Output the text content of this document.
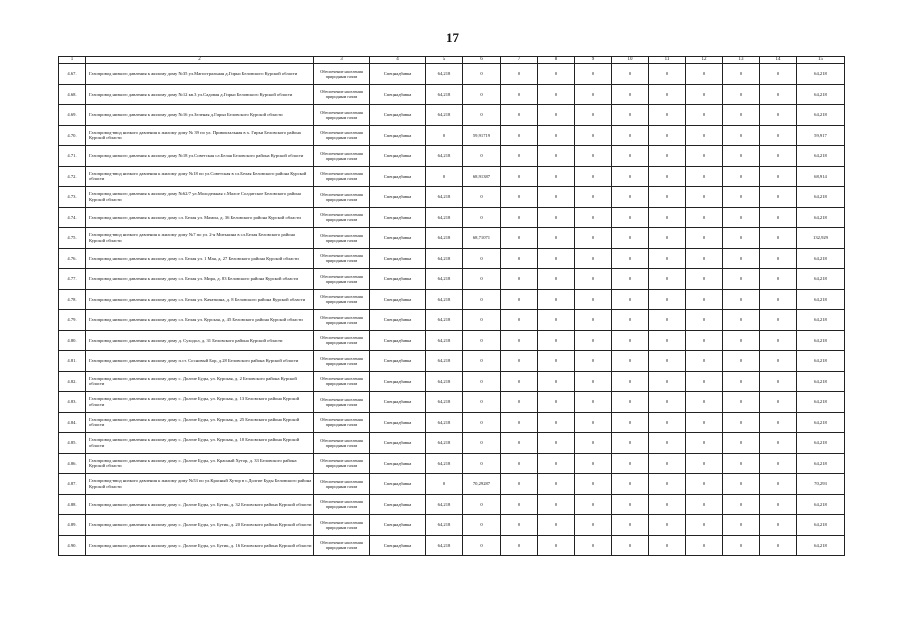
17
1	2	3	4	5	6	7	8	9	10	11	12	13	14	15
4.67.	Газопровод низкого давления к жилому дому №35 ул.Магистральная д.Гирьи Беловского Курской области	Обеспечение населения природным газом	Спецнадбавка	64,218	0	0	0	0	0	0	0	0	0	64,218
4.68.	Газопровод низкого давления к жилому дому №12 кв.3 ул.Садовая д.Гирьи Беловского Курской области	Обеспечение населения природным газом	Спецнадбавка	64,218	0	0	0	0	0	0	0	0	0	64,218
4.69.	Газопровод низкого давления к жилому дому №16 ул.Зеленая д.Гирьи Беловского Курской области	Обеспечение населения природным газом	Спецнадбавка	64,218	0	0	0	0	0	0	0	0	0	64,218
4.70.	Газопровод-ввод низкого давления к жилому дому № 39 по ул. Привокзальная в х. Гирьи Беловского района Курской области	Обеспечение населения природным газом	Спецнадбавка	0	59,91719	0	0	0	0	0	0	0	0	59,917
4.71.	Газопровод низкого давления к жилому дому №18 ул.Советская сл.Белая Беловского района Курской области	Обеспечение населения природным газом	Спецнадбавка	64,218	0	0	0	0	0	0	0	0	0	64,218
4.72.	Газопровод-ввод низкого давления к жилому дому №18 по ул.Советская в сл.Белая Беловского района Курской области	Обеспечение населения природным газом	Спецнадбавка	0	68,91387	0	0	0	0	0	0	0	0	68,914
4.73.	Газопровод низкого давления к жилому дому №62/7 ул.Молодежная с.Малое Солдатское Беловского района Курской области	Обеспечение населения природным газом	Спецнадбавка	64,218	0	0	0	0	0	0	0	0	0	64,218
4.74.	Газопровод низкого давления к жилому дому сл. Белая ул. Мамон, д. 36 Беловского района Курской области	Обеспечение населения природным газом	Спецнадбавка	64,218	0	0	0	0	0	0	0	0	0	64,218
4.75.	Газопровод-ввод низкого давления к жилому дому №7 по ул. 2-я Митькина в сл.Белая Беловского района Курской области	Обеспечение населения природным газом	Спецнадбавка	64,218	68,71071	0	0	0	0	0	0	0	0	132,929
4.76.	Газопровод низкого давления к жилому дому сл. Белая ул. 1 Мая, д. 27 Беловского района Курской области	Обеспечение населения природным газом	Спецнадбавка	64,218	0	0	0	0	0	0	0	0	0	64,218
4.77.	Газопровод низкого давления к жилому дому сл. Белая ул. Мира, д. 83 Беловского района Курской области	Обеспечение населения природным газом	Спецнадбавка	64,218	0	0	0	0	0	0	0	0	0	64,218
4.78.	Газопровод низкого давления к жилому дому сл. Белая ул. Качаткина, д. 8 Беловского района Курской области	Обеспечение населения природным газом	Спецнадбавка	64,218	0	0	0	0	0	0	0	0	0	64,218
4.79.	Газопровод низкого давления к жилому дому сл. Белая ул. Курская, д. 45 Беловского района Курской области	Обеспечение населения природным газом	Спецнадбавка	64,218	0	0	0	0	0	0	0	0	0	64,218
4.80.	Газопровод низкого давления к жилому дому д. Суходол, д. 31 Беловского района Курской области	Обеспечение населения природным газом	Спецнадбавка	64,218	0	0	0	0	0	0	0	0	0	64,218
4.81.	Газопровод низкого давления к жилому дому п.ст. Сосновый Бор, д.28 Беловского района Курской области	Обеспечение населения природным газом	Спецнадбавка	64,218	0	0	0	0	0	0	0	0	0	64,218
4.82.	Газопровод низкого давления к жилому дому с. Долгие Буды, ул. Курская, д. 2 Беловского района Курской области	Обеспечение населения природным газом	Спецнадбавка	64,218	0	0	0	0	0	0	0	0	0	64,218
4.83.	Газопровод низкого давления к жилому дому с. Долгие Буды, ул. Курская, д. 13 Беловского района Курской области	Обеспечение населения природным газом	Спецнадбавка	64,218	0	0	0	0	0	0	0	0	0	64,218
4.84.	Газопровод низкого давления к жилому дому с. Долгие Буды, ул. Курская, д. 25 Беловского района Курской области	Обеспечение населения природным газом	Спецнадбавка	64,218	0	0	0	0	0	0	0	0	0	64,218
4.85.	Газопровод низкого давления к жилому дому с. Долгие Буды, ул. Курская, д. 10 Беловского района Курской области	Обеспечение населения природным газом	Спецнадбавка	64,218	0	0	0	0	0	0	0	0	0	64,218
4.86.	Газопровод низкого давления к жилому дому с. Долгие Буды, ул. Красный Хутор, д. 33 Беловского района Курской области	Обеспечение населения природным газом	Спецнадбавка	64,218	0	0	0	0	0	0	0	0	0	64,218
4.87.	Газопровод-ввод низкого давления к жилому дому №53 по ул.Красный Хутор в с.Долгие Буды Беловского района Курской области	Обеспечение населения природным газом	Спецнадбавка	0	70,29287	0	0	0	0	0	0	0	0	70,293
4.88.	Газопровод низкого давления к жилому дому с. Долгие Буды, ул. Бутик, д. 32 Беловского района Курской области	Обеспечение населения природным газом	Спецнадбавка	64,218	0	0	0	0	0	0	0	0	0	64,218
4.89.	Газопровод низкого давления к жилому дому с. Долгие Буды, ул. Бутик, д. 20 Беловского района Курской области	Обеспечение населения природным газом	Спецнадбавка	64,218	0	0	0	0	0	0	0	0	0	64,218
4.90.	Газопровод низкого давления к жилому дому с. Долгие Буды, ул. Бутик, д. 16 Беловского района Курской области	Обеспечение населения природным газом	Спецнадбавка	64,218	0	0	0	0	0	0	0	0	0	64,218
